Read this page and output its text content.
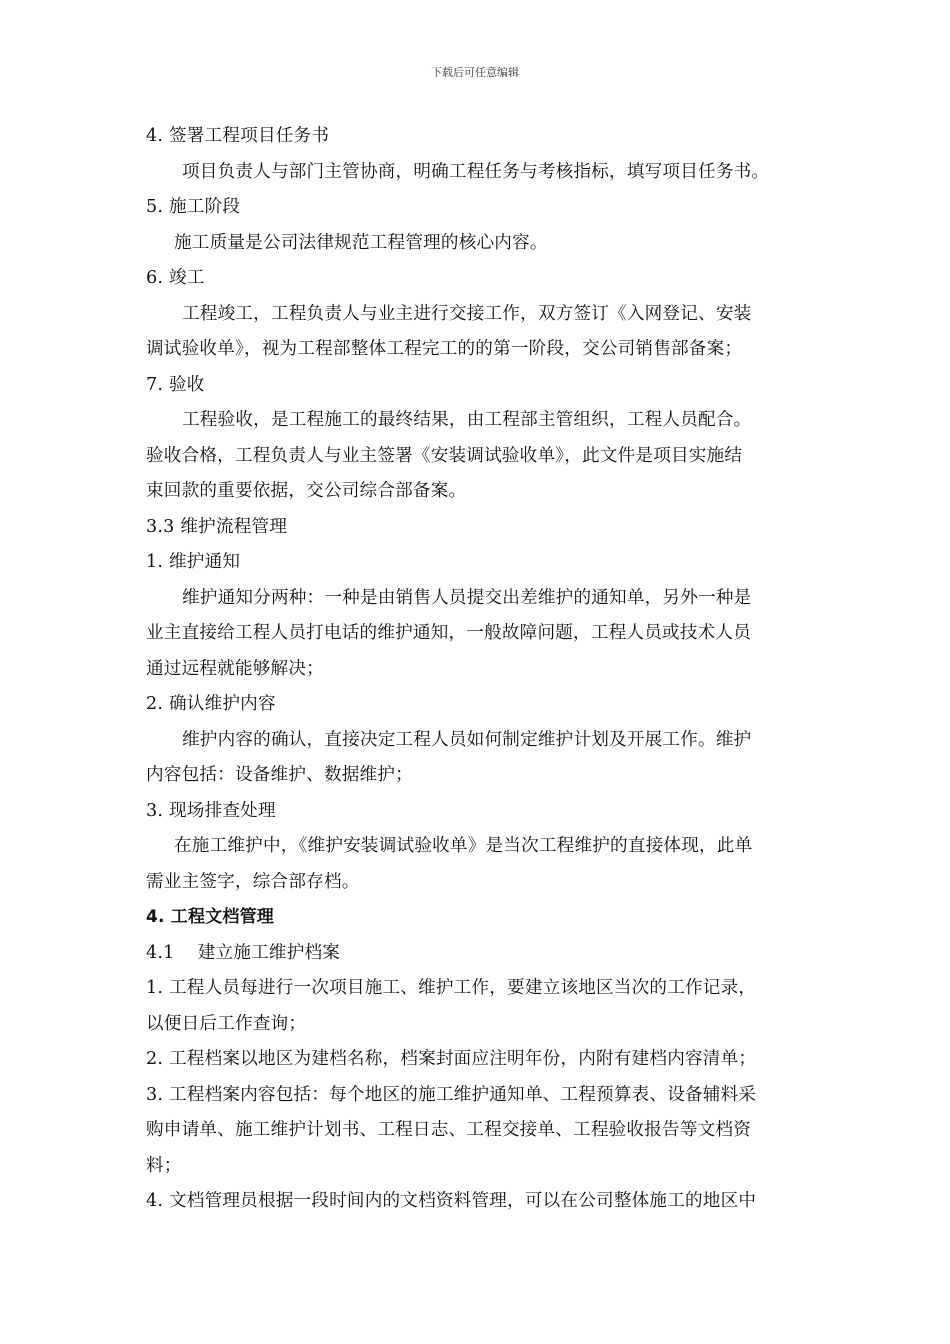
下载后可任意编辑
4. 签署工程项目任务书
项目负责人与部门主管协商，明确工程任务与考核指标，填写项目任务书。
5. 施工阶段
施工质量是公司法律规范工程管理的核心内容。
6. 竣工
工程竣工，工程负责人与业主进行交接工作，双方签订《入网登记、安装
调试验收单》，视为工程部整体工程完工的的第一阶段，交公司销售部备案；
7. 验收
工程验收，是工程施工的最终结果，由工程部主管组织，工程人员配合。
验收合格，工程负责人与业主签署《安装调试验收单》，此文件是项目实施结
束回款的重要依据，交公司综合部备案。
3.3 维护流程管理
1. 维护通知
维护通知分两种：一种是由销售人员提交出差维护的通知单，另外一种是
业主直接给工程人员打电话的维护通知，一般故障问题，工程人员或技术人员
通过远程就能够解决；
2. 确认维护内容
维护内容的确认，直接决定工程人员如何制定维护计划及开展工作。维护
内容包括：设备维护、数据维护；
3. 现场排查处理
在施工维护中，《维护安装调试验收单》是当次工程维护的直接体现，此单
需业主签字，综合部存档。
4. 工程文档管理
4.1    建立施工维护档案
1. 工程人员每进行一次项目施工、维护工作，要建立该地区当次的工作记录，
以便日后工作查询；
2. 工程档案以地区为建档名称，档案封面应注明年份，内附有建档内容清单；
3. 工程档案内容包括：每个地区的施工维护通知单、工程预算表、设备辅料采
购申请单、施工维护计划书、工程日志、工程交接单、工程验收报告等文档资
料；
4. 文档管理员根据一段时间内的文档资料管理，可以在公司整体施工的地区中
